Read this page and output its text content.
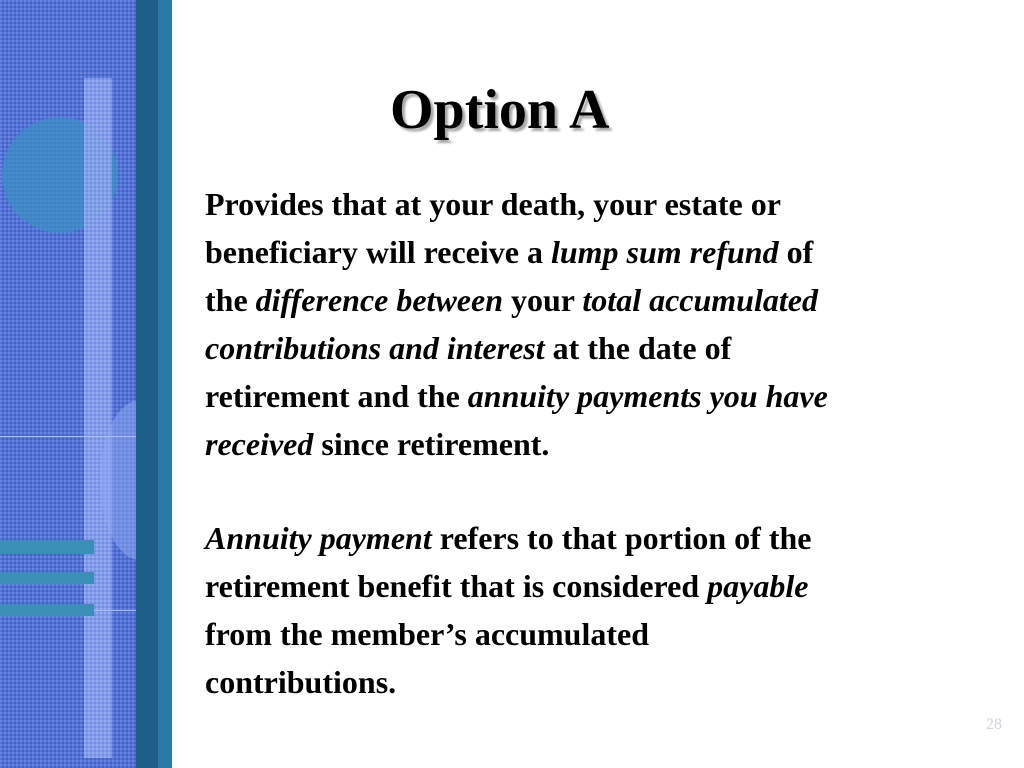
Option A
Provides that at your death, your estate or
beneficiary will receive a lump sum refund of
the difference between your total accumulated
contributions and interest at the date of
retirement and the annuity payments you have
received since retirement.
Annuity payment refers to that portion of the
retirement benefit that is considered payable
from the member’s accumulated
contributions.
28
